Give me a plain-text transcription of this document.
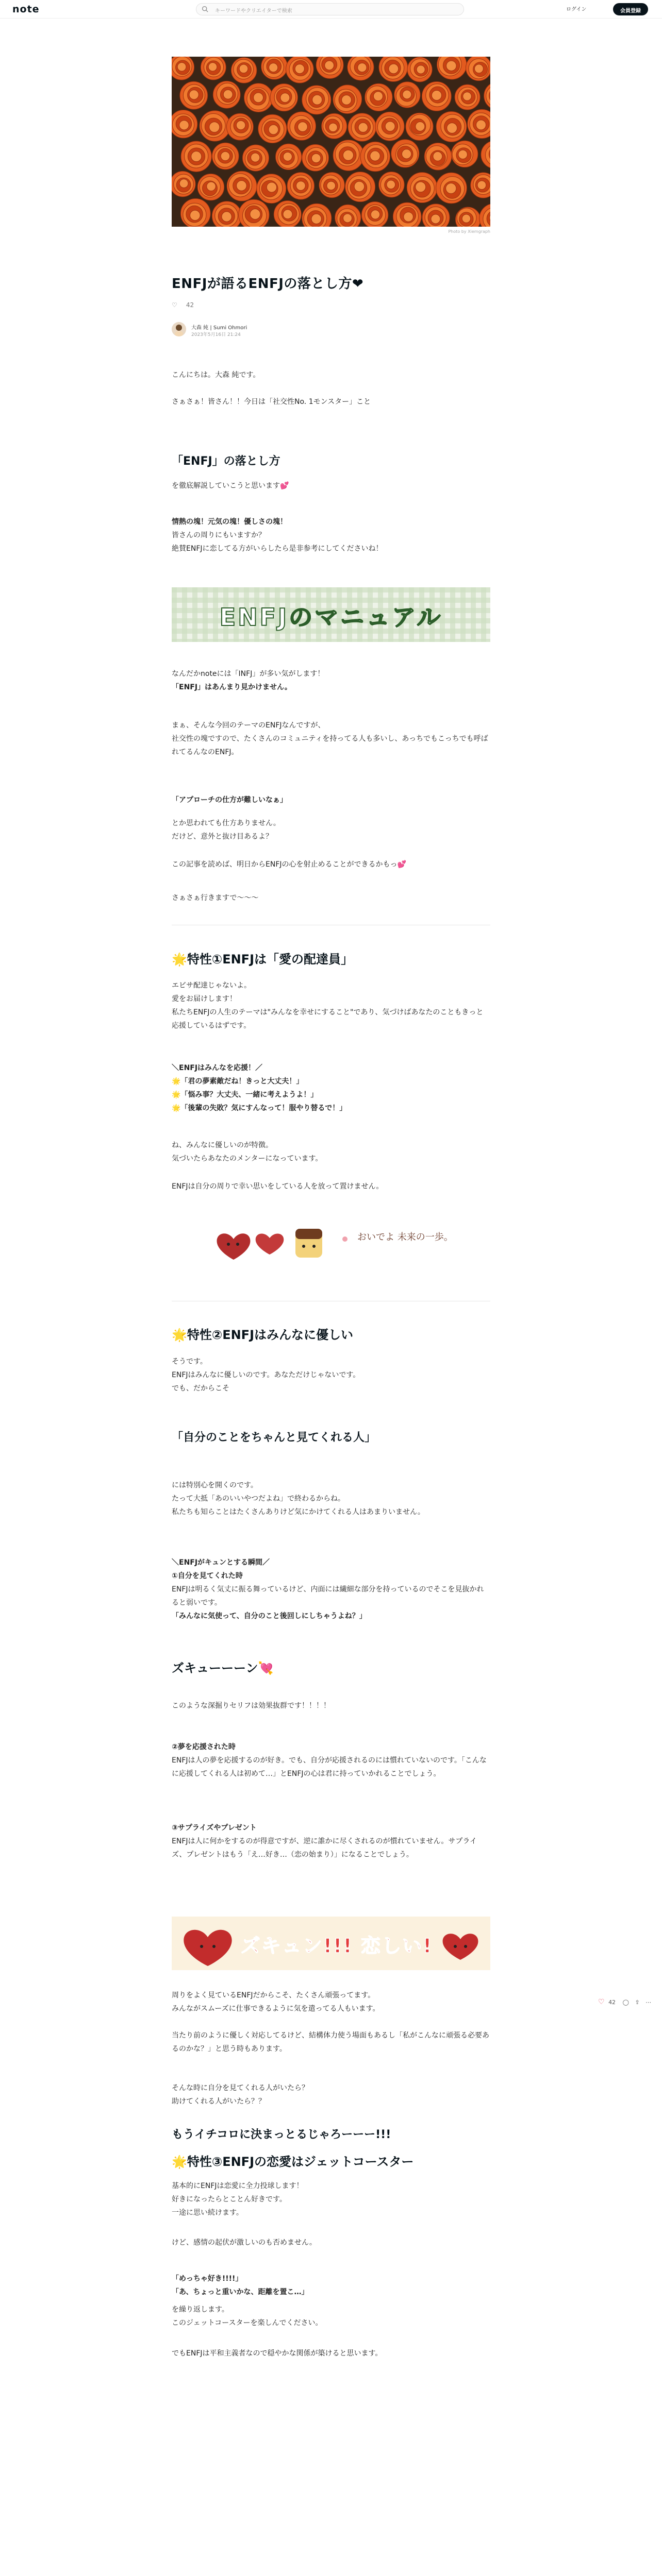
note	キーワードやクリエイターで検索	ログイン	会員登録
Photo by Xiemgraph
ENFJが語るENFJの落とし方❤︎
♡ 42
大森 純 | Sumi Ohmori
2023年5月16日 21:24
こんにちは。大森 純です。
さぁさぁ！皆さん！！今日は「社交性No. 1モンスター」こと
「ENFJ」の落とし方
を徹底解説していこうと思います💕
情熱の塊！元気の塊！優しさの塊！
皆さんの周りにもいますか？
絶賛ENFJに恋してる方がいらしたら是非参考にしてくださいね！
ENFJのマニュアル
なんだかnoteには「INFJ」が多い気がします！
「ENFJ」はあんまり見かけません。
まぁ、そんな今回のテーマのENFJなんですが、
社交性の塊ですので、たくさんのコミュニティを持ってる人も多いし、あっちでもこっちでも呼ばれてるんなのENFJ。
「アプローチの仕方が難しいなぁ」
とか思われても仕方ありません。
だけど、意外と抜け目あるよ？
この記事を読めば、明日からENFJの心を射止めることができるかもっ💕
さぁさぁ行きますで〜〜〜
🌟特性①ENFJは「愛の配達員」
エビサ配達じゃないよ。
愛をお届けします！
私たちENFJの人生のテーマは"みんなを幸せにすること"であり、気づけばあなたのこともきっと応援しているはずです。
＼ENFJはみんなを応援！／
🌟「君の夢素敵だね！きっと大丈夫！」
🌟「悩み事？大丈夫、一緒に考えようよ！」
🌟「後輩の失敗？気にすんなって！服やり替るで！」
ね、みんなに優しいのが特徴。
気づいたらあなたのメンターになっています。
ENFJは自分の周りで幸い思いをしている人を放って置けません。
おいでよ 未来の一歩。
🌟特性②ENFJはみんなに優しい
そうです。
ENFJはみんなに優しいのです。あなただけじゃないです。
でも、だからこそ
「自分のことをちゃんと見てくれる人」
には特別心を開くのです。
たって大抵「あのいいやつだよね」で終わるからね。
私たちも知らことはたくさんありけど気にかけてくれる人はあまりいません。
＼ENFJがキュンとする瞬間／
①自分を見てくれた時
ENFJは明るく気丈に振る舞っているけど、内面には繊細な部分を持っているのでそこを見抜かれると弱いです。
「みんなに気使って、自分のこと後回しにしちゃうよね？」
ズキューーーン💘
このような深掘りセリフは効果抜群です！！！！
②夢を応援された時
ENFJは人の夢を応援するのが好き。でも、自分が応援されるのには慣れていないのです。「こんなに応援してくれる人は初めて…」とENFJの心は君に持っていかれることでしょう。
③サプライズやプレゼント
ENFJは人に何かをするのが得意ですが、逆に誰かに尽くされるのが慣れていません。サプライズ、プレゼントはもう「え…好き…（恋の始まり）」になることでしょう。
ズキュン!!! 恋しい!
周りをよく見ているENFJだからこそ、たくさん頑張ってます。
みんながスムーズに仕事できるように気を遣ってる人もいます。
当たり前のように優しく対応してるけど、結構体力使う場面もあるし「私がこんなに頑張る必要あるのかな？」と思う時もあります。
そんな時に自分を見てくれる人がいたら？
助けてくれる人がいたら？？
もうイチコロに決まっとるじゃろーーー!!!
🌟特性③ENFJの恋愛はジェットコースター
基本的にENFJは恋愛に全力投球します！
好きになったらとことん好きです。
一途に思い続けます。
けど、感情の起伏が激しいのも否めません。
「めっちゃ好き!!!!」
「あ、ちょっと重いかな、距離を置こ…」
を繰り返します。
このジェットコースターを楽しんでください。
でもENFJは平和主義者なので穏やかな関係が築けると思います。
♡ 42 ◯ ⇪ ⋯
